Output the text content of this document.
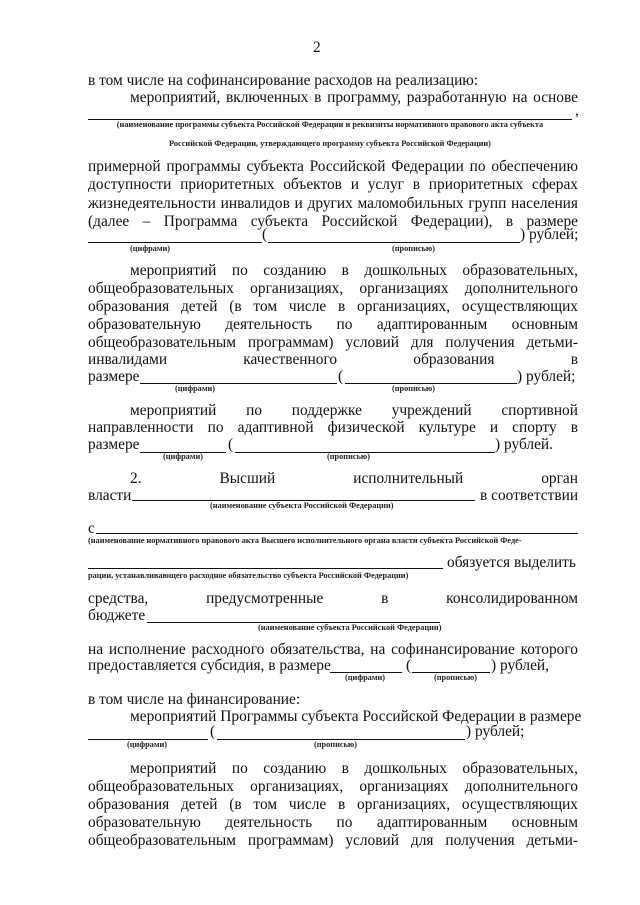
2
в том числе на софинансирование расходов на реализацию:
мероприятий, включенных в программу, разработанную на основе
,
(наименование программы субъекта Российской Федерации и реквизиты нормативного правового акта субъекта
Российской Федерации, утверждающего программу субъекта Российской Федерации)
примерной программы субъекта Российской Федерации по обеспечению
доступности приоритетных объектов и услуг в приоритетных сферах
жизнедеятельности инвалидов и других маломобильных групп населения
(далее – Программа субъекта Российской Федерации), в размере
(	) рублей;
(цифрами)	(прописью)
мероприятий по созданию в дошкольных образовательных,
общеобразовательных организациях, организациях дополнительного
образования детей (в том числе в организациях, осуществляющих
образовательную деятельность по адаптированным основным
общеобразовательным программам) условий для получения детьми-
инвалидами качественного образования в
размере	(	) рублей;
(цифрами)	(прописью)
мероприятий по поддержке учреждений спортивной
направленности по адаптивной физической культуре и спорту в
размере	(	) рублей.
(цифрами)	(прописью)
2. Высший исполнительный орган
власти	в соответствии
(наименование субъекта Российской Федерации)
с
(наименование нормативного правового акта Высшего исполнительного органа власти субъекта Российской Феде-
обязуется выделить
рации, устанавливающего расходное обязательство субъекта Российской Федерации)
средства, предусмотренные в консолидированном
бюджете
(наименование субъекта Российской Федерации)
на исполнение расходного обязательства, на софинансирование которого
предоставляется субсидия, в размере	(	) рублей,
(цифрами)	(прописью)
в том числе на финансирование:
мероприятий Программы субъекта Российской Федерации в размере
(	) рублей;
(цифрами)	(прописью)
мероприятий по созданию в дошкольных образовательных,
общеобразовательных организациях, организациях дополнительного
образования детей (в том числе в организациях, осуществляющих
образовательную деятельность по адаптированным основным
общеобразовательным программам) условий для получения детьми-
